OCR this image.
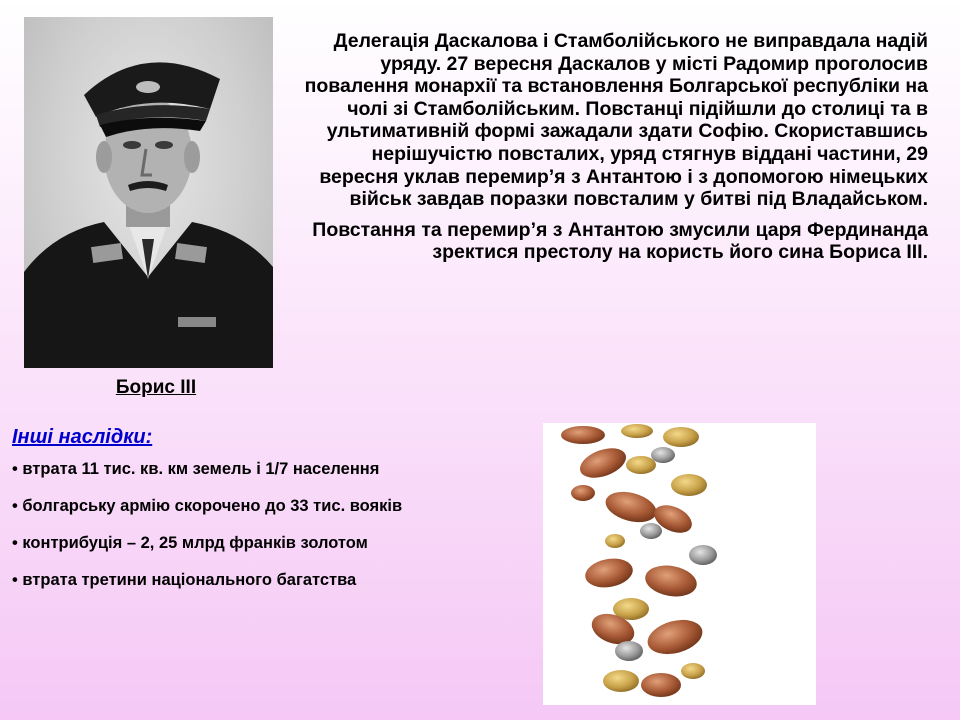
Борис III

Делегація Даскалова і Стамболійського не виправдала надій уряду. 27 вересня Даскалов у місті Радомир проголосив повалення монархії та встановлення Болгарської республіки на чолі зі Стамболійським. Повстанці підійшли до столиці та в ультимативній формі зажадали здати Софію. Скориставшись нерішучістю повсталих, уряд стягнув віддані частини, 29 вересня уклав перемир’я з Антантою і з допомогою німецьких військ завдав поразки повсталим у битві під Владайськом.

Повстання та перемир’я з Антантою змусили царя Фердинанда зректися престолу на користь його сина Бориса III.

Інші наслідки:
• втрата 11 тис. кв. км земель і 1/7 населення
• болгарську армію скорочено до 33 тис. вояків
• контрибуція – 2, 25 млрд франків золотом
• втрата третини національного багатства
